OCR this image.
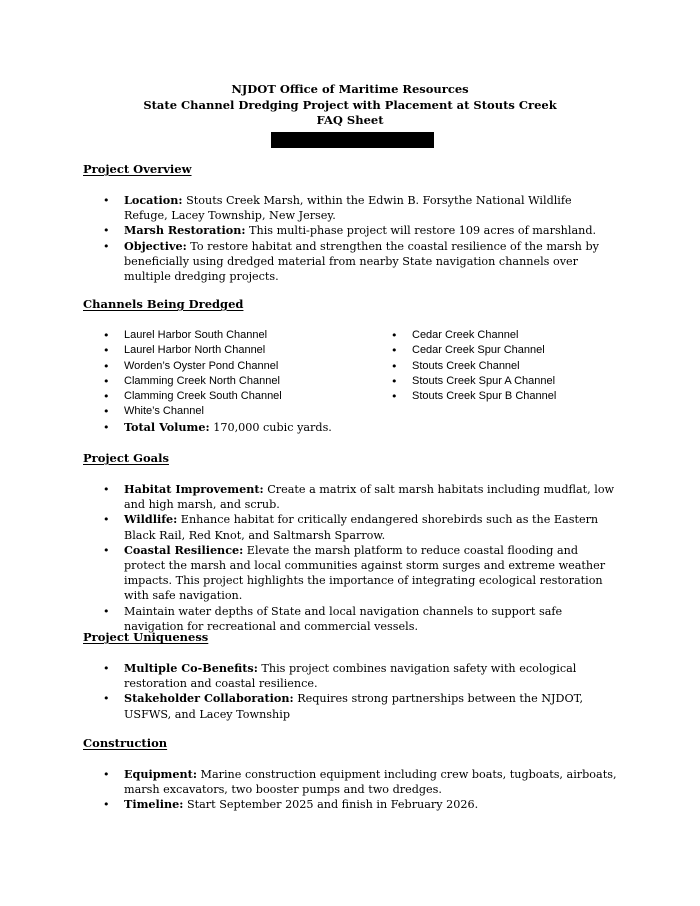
NJDOT Office of Maritime Resources
State Channel Dredging Project with Placement at Stouts Creek
FAQ Sheet
Project Overview
• Location: Stouts Creek Marsh, within the Edwin B. Forsythe National Wildlife Refuge, Lacey Township, New Jersey.
• Marsh Restoration: This multi-phase project will restore 109 acres of marshland.
• Objective: To restore habitat and strengthen the coastal resilience of the marsh by beneficially using dredged material from nearby State navigation channels over multiple dredging projects.
Channels Being Dredged
• Laurel Harbor South Channel
• Laurel Harbor North Channel
• Worden’s Oyster Pond Channel
• Clamming Creek North Channel
• Clamming Creek South Channel
• White’s Channel
• Total Volume: 170,000 cubic yards.
• Cedar Creek Channel
• Cedar Creek Spur Channel
• Stouts Creek Channel
• Stouts Creek Spur A Channel
• Stouts Creek Spur B Channel
Project Goals
• Habitat Improvement: Create a matrix of salt marsh habitats including mudflat, low and high marsh, and scrub.
• Wildlife: Enhance habitat for critically endangered shorebirds such as the Eastern Black Rail, Red Knot, and Saltmarsh Sparrow.
• Coastal Resilience: Elevate the marsh platform to reduce coastal flooding and protect the marsh and local communities against storm surges and extreme weather impacts. This project highlights the importance of integrating ecological restoration with safe navigation.
• Maintain water depths of State and local navigation channels to support safe navigation for recreational and commercial vessels.
Project Uniqueness
• Multiple Co-Benefits: This project combines navigation safety with ecological restoration and coastal resilience.
• Stakeholder Collaboration: Requires strong partnerships between the NJDOT, USFWS, and Lacey Township
Construction
• Equipment: Marine construction equipment including crew boats, tugboats, airboats, marsh excavators, two booster pumps and two dredges.
• Timeline: Start September 2025 and finish in February 2026.
